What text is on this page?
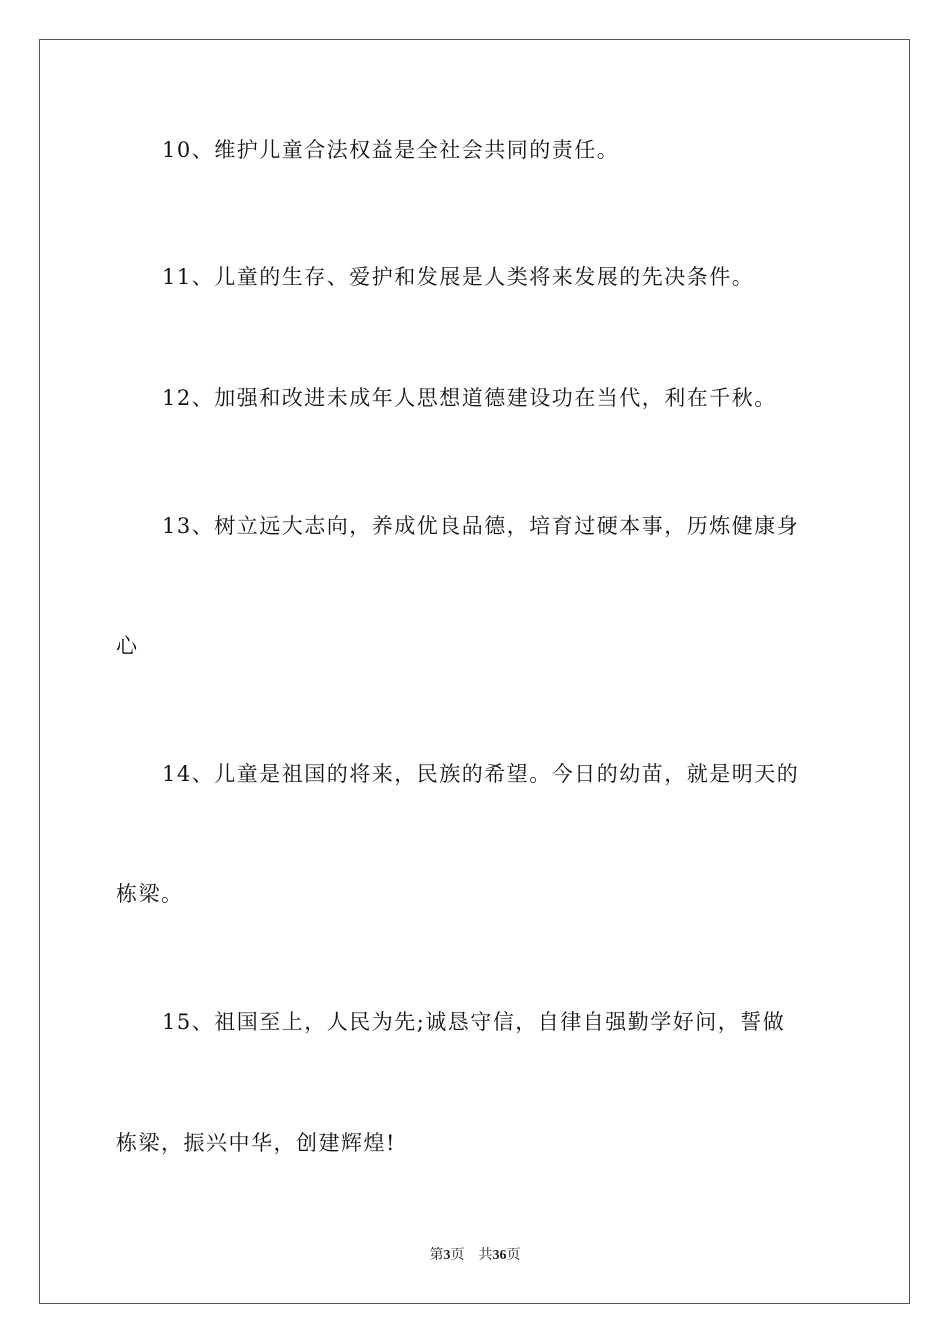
10、维护儿童合法权益是全社会共同的责任。
11、儿童的生存、爱护和发展是人类将来发展的先决条件。
12、加强和改进未成年人思想道德建设功在当代，利在千秋。
13、树立远大志向，养成优良品德，培育过硬本事，历炼健康身
心
14、儿童是祖国的将来，民族的希望。今日的幼苗，就是明天的
栋梁。
15、祖国至上，人民为先;诚恳守信，自律自强勤学好问，誓做
栋梁，振兴中华，创建辉煌!
第3页 共36页
